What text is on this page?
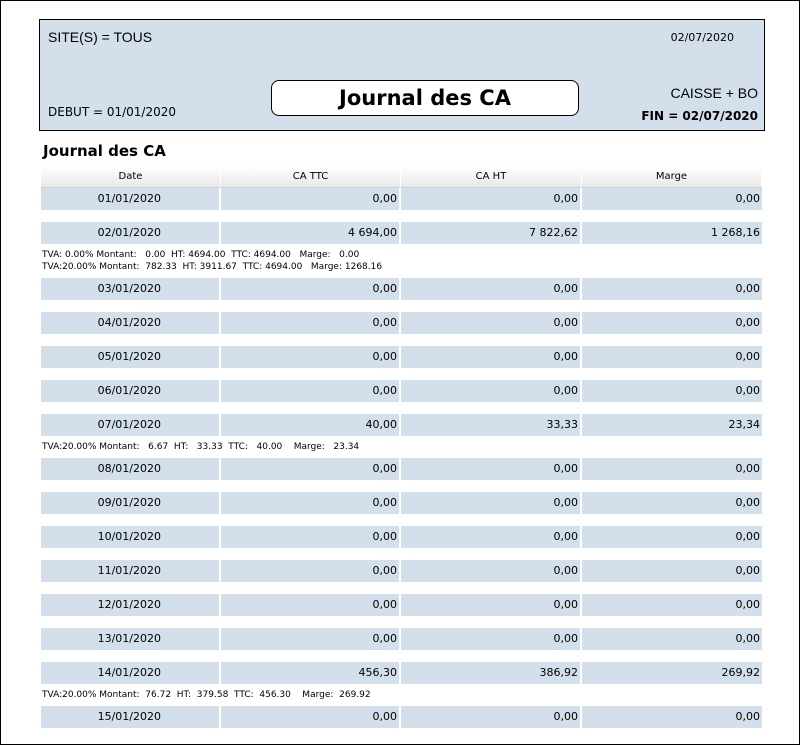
SITE(S) = TOUS	02/07/2020
Journal des CA
DEBUT = 01/01/2020
CAISSE + BO
FIN = 02/07/2020
Journal des CA
Date	CA TTC	CA HT	Marge
01/01/2020	0,00	0,00	0,00
02/01/2020	4 694,00	7 822,62	1 268,16
TVA: 0.00% Montant:   0.00  HT: 4694.00  TTC: 4694.00   Marge:   0.00
TVA:20.00% Montant:  782.33  HT: 3911.67  TTC: 4694.00   Marge: 1268.16
03/01/2020	0,00	0,00	0,00
04/01/2020	0,00	0,00	0,00
05/01/2020	0,00	0,00	0,00
06/01/2020	0,00	0,00	0,00
07/01/2020	40,00	33,33	23,34
TVA:20.00% Montant:   6.67  HT:   33.33  TTC:   40.00    Marge:   23.34
08/01/2020	0,00	0,00	0,00
09/01/2020	0,00	0,00	0,00
10/01/2020	0,00	0,00	0,00
11/01/2020	0,00	0,00	0,00
12/01/2020	0,00	0,00	0,00
13/01/2020	0,00	0,00	0,00
14/01/2020	456,30	386,92	269,92
TVA:20.00% Montant:  76.72  HT:  379.58  TTC:  456.30    Marge:  269.92
15/01/2020	0,00	0,00	0,00
